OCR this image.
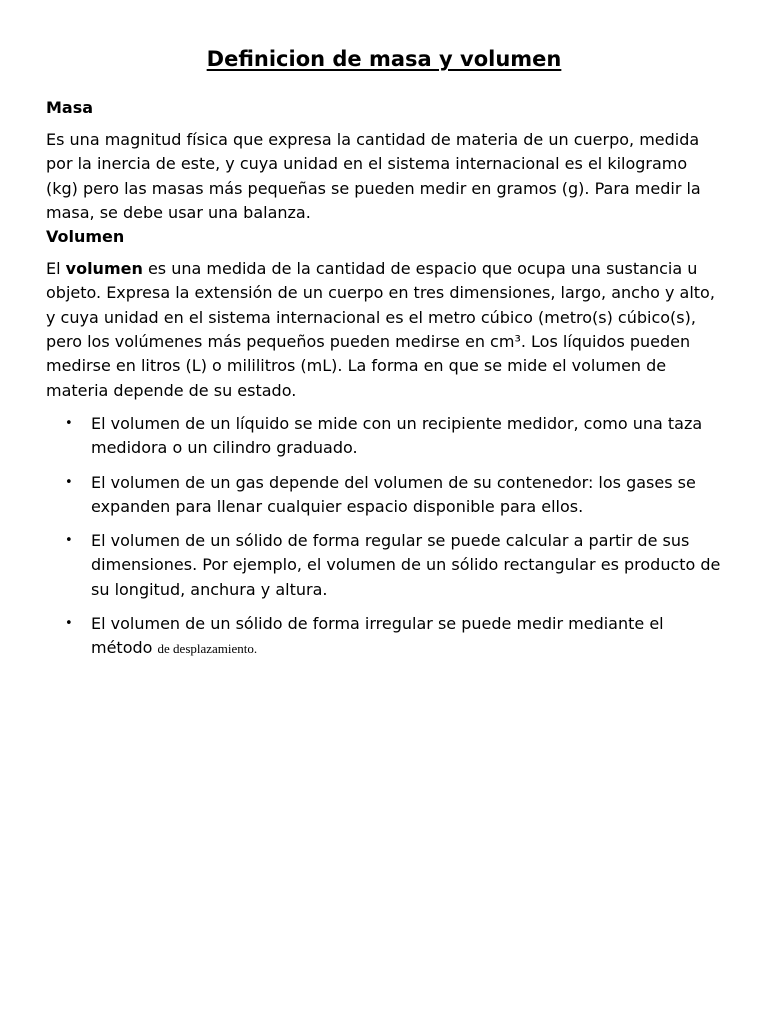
Definicion de masa y volumen
Masa

Es una magnitud física que expresa la cantidad de materia de un cuerpo, medida por la inercia de este, y cuya unidad en el sistema internacional es el kilogramo (kg) pero las masas más pequeñas se pueden medir en gramos (g). Para medir la masa, se debe usar una balanza.

Volumen

El volumen es una medida de la cantidad de espacio que ocupa una sustancia u objeto. Expresa la extensión de un cuerpo en tres dimensiones, largo, ancho y alto, y cuya unidad en el sistema internacional es el metro cúbico (metro(s) cúbico(s), pero los volúmenes más pequeños pueden medirse en cm³. Los líquidos pueden medirse en litros (L) o mililitros (mL). La forma en que se mide el volumen de materia depende de su estado.

• El volumen de un líquido se mide con un recipiente medidor, como una taza medidora o un cilindro graduado.
• El volumen de un gas depende del volumen de su contenedor: los gases se expanden para llenar cualquier espacio disponible para ellos.
• El volumen de un sólido de forma regular se puede calcular a partir de sus dimensiones. Por ejemplo, el volumen de un sólido rectangular es producto de su longitud, anchura y altura.
• El volumen de un sólido de forma irregular se puede medir mediante el método de desplazamiento.
